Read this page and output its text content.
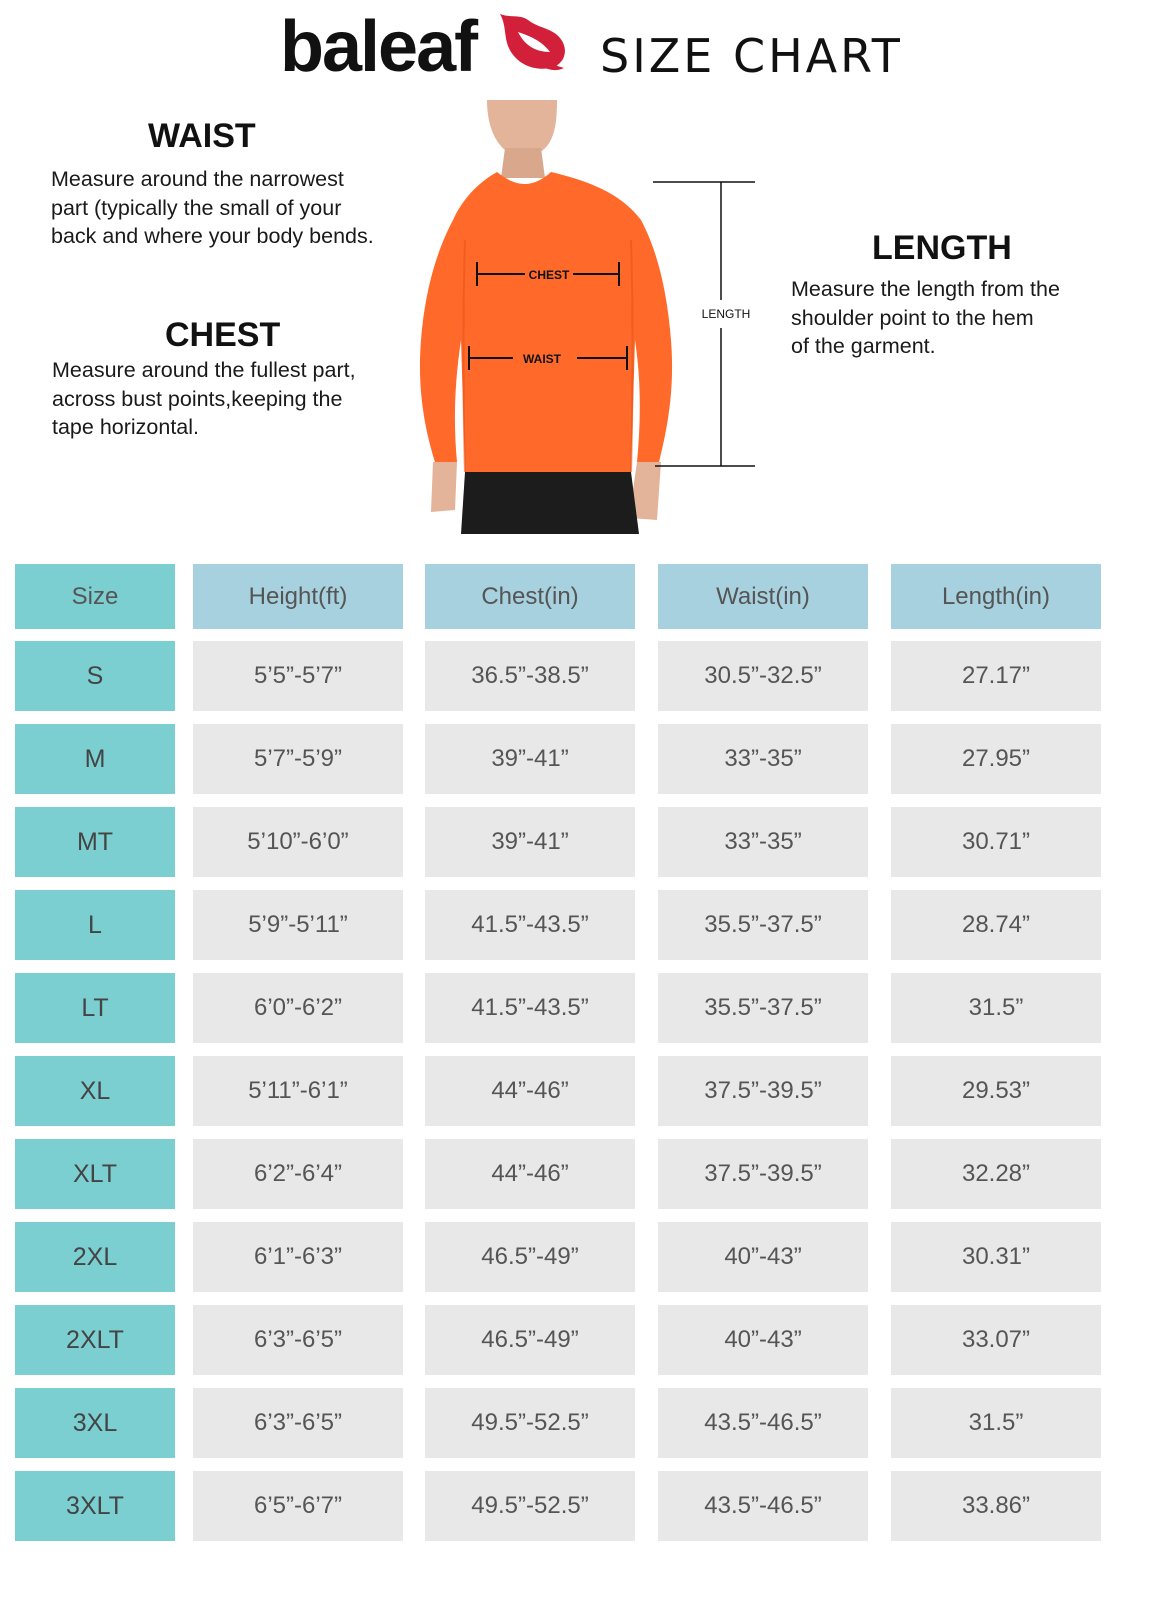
baleaf	SIZE CHART
WAIST
Measure around the narrowest
part (typically the small of your
back and where your body bends.
CHEST
Measure around the fullest part,
across bust points,keeping the
tape horizontal.
LENGTH
Measure the length from the
shoulder point to the hem
of the garment.
CHEST
WAIST
LENGTH
Size	Height(ft)	Chest(in)	Waist(in)	Length(in)
S	5’5”-5’7”	36.5”-38.5”	30.5”-32.5”	27.17”
M	5’7”-5’9”	39”-41”	33”-35”	27.95”
MT	5’10”-6’0”	39”-41”	33”-35”	30.71”
L	5’9”-5’11”	41.5”-43.5”	35.5”-37.5”	28.74”
LT	6’0”-6’2”	41.5”-43.5”	35.5”-37.5”	31.5”
XL	5’11”-6’1”	44”-46”	37.5”-39.5”	29.53”
XLT	6’2”-6’4”	44”-46”	37.5”-39.5”	32.28”
2XL	6’1”-6’3”	46.5”-49”	40”-43”	30.31”
2XLT	6’3”-6’5”	46.5”-49”	40”-43”	33.07”
3XL	6’3”-6’5”	49.5”-52.5”	43.5”-46.5”	31.5”
3XLT	6’5”-6’7”	49.5”-52.5”	43.5”-46.5”	33.86”
